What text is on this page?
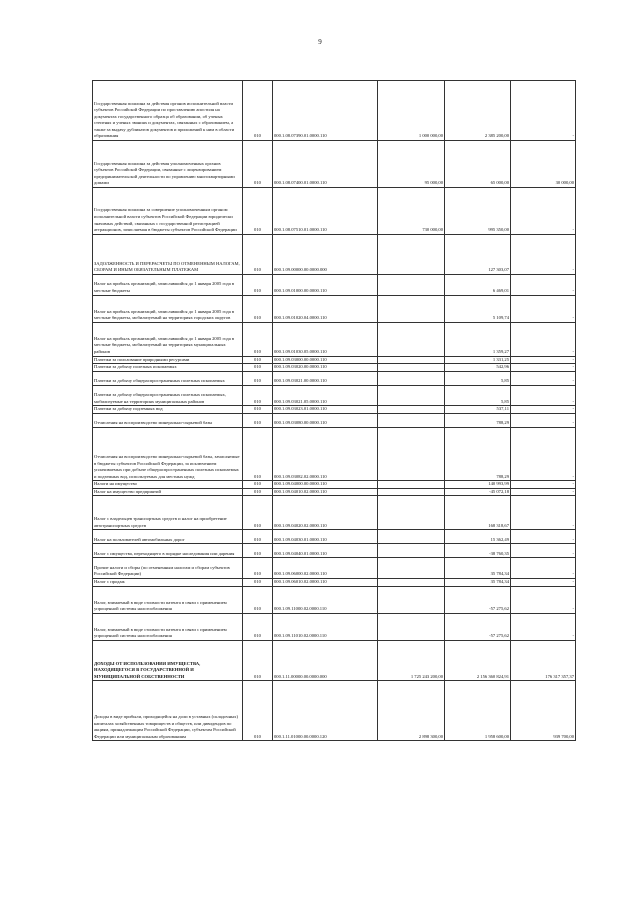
9
Государственная пошлина за действия органов исполнительной власти субъектов Российской Федерации по проставлению апостиля на документах государственного образца об образовании, об ученых степенях и ученых званиях и документах, связанных с образованием, а также за выдачу дубликатов документов и приложений к ним в области образования	010	000.1.08.07390.01.0000.110	1 000 000,00	2 385 200,00	-
Государственная пошлина за действия уполномоченных органов субъектов Российской Федерации, связанные с лицензированием предпринимательской деятельности по управлению многоквартирными домами	010	000.1.08.07400.01.0000.110	95 000,00	65 000,00	30 000,00
Государственная пошлина за совершение уполномоченным органом исполнительной власти субъектов Российской Федерации юридически значимых действий, связанных с государственной регистрацией аттракционов, зачисляемая в бюджеты субъектов Российской Федерации	010	000.1.08.07510.01.0000.110	730 000,00	995 350,00	-
ЗАДОЛЖЕННОСТЬ И ПЕРЕРАСЧЕТЫ ПО ОТМЕНЕННЫМ НАЛОГАМ, СБОРАМ И ИНЫМ ОБЯЗАТЕЛЬНЫМ ПЛАТЕЖАМ	010	000.1.09.00000.00.0000.000		127 303,07	-
Налог на прибыль организаций, зачислявшийся до 1 января 2005 года в местные бюджеты	010	000.1.09.01000.00.0000.110		6 469,01	-
Налог на прибыль организаций, зачислявшийся до 1 января 2005 года в местные бюджеты, мобилизуемый на территориях городских округов	010	000.1.09.01020.04.0000.110		5 109,74	-
Налог на прибыль организаций, зачислявшийся до 1 января 2005 года в местные бюджеты, мобилизуемый на территориях муниципальных районов	010	000.1.09.01030.05.0000.110		1 359,27	-
Платежи за пользование природными ресурсами	010	000.1.09.03000.00.0000.110		1 331,25	-
Платежи за добычу полезных ископаемых	010	000.1.09.03020.00.0000.110		542,96	-
Платежи за добычу общераспространенных полезных ископаемых	010	000.1.09.03021.00.0000.110		5,85	-
Платежи за добычу общераспространенных полезных ископаемых, мобилизуемые на территориях муниципальных районов	010	000.1.09.03021.05.0000.110		5,85	-
Платежи за добычу подземных вод	010	000.1.09.03023.01.0000.110		537,11	-
Отчисления на воспроизводство минерально-сырьевой базы	010	000.1.09.03080.00.0000.110		788,29	-
Отчисления на воспроизводство минерально-сырьевой базы, зачисляемые в бюджеты субъектов Российской Федерации, за исключением уплачиваемых при добыче общераспространенных полезных ископаемых и подземных вод, используемых для местных нужд	010	000.1.09.03082.02.0000.110		788,29	-
Налоги на имущество	010	000.1.09.04000.00.0000.110		140 993,99	-
Налог на имущество предприятий	010	000.1.09.04010.02.0000.110		-45 072,18	-
Налог с владельцев транспортных средств и налог на приобретение автотранспортных средств	010	000.1.09.04020.02.0000.110		168 318,67	-
Налог на пользователей автомобильных дорог	010	000.1.09.04030.01.0000.110		15 362,49	-
Налог с имущества, переходящего в порядке наследования или дарения	010	000.1.09.04040.01.0000.110		-38 760,35	-
Прочие налоги и сборы (по отмененным налогам и сборам субъектов Российской Федерации)	010	000.1.09.06000.02.0000.110		35 784,34	-
Налог с продаж	010	000.1.09.06010.02.0000.110		35 784,34	-
Налог, взимаемый в виде стоимости патента в связи с применением упрощенной системы налогообложения	010	000.1.09.11000.02.0000.110		-57 275,62	-
Налог, взимаемый в виде стоимости патента в связи с применением упрощенной системы налогообложения	010	000.1.09.11010.02.0000.110		-57 275,62	-
ДОХОДЫ ОТ ИСПОЛЬЗОВАНИЯ ИМУЩЕСТВА, НАХОДЯЩЕГОСЯ В ГОСУДАРСТВЕННОЙ И МУНИЦИПАЛЬНОЙ СОБСТВЕННОСТИ	010	000.1.11.00000.00.0000.000	1 725 243 200,00	2 156 360 824,91	176 317 357,37
Доходы в виде прибыли, приходящейся на доли в уставных (складочных) капиталах хозяйственных товариществ и обществ, или дивидендов по акциям, принадлежащим Российской Федерации, субъектам Российской Федерации или муниципальным образованиям	010	000.1.11.01000.00.0000.120	2 898 300,00	1 958 600,00	939 700,00
